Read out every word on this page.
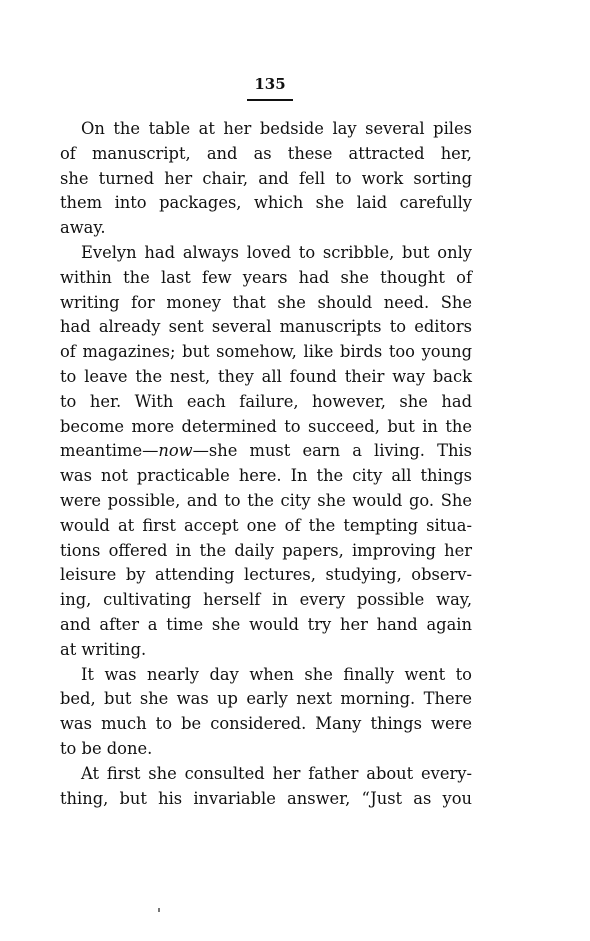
135
On the table at her bedside lay several piles
of manuscript, and as these attracted her,
she turned her chair, and fell to work sorting
them into packages, which she laid carefully
away.
Evelyn had always loved to scribble, but only
within the last few years had she thought of
writing for money that she should need. She
had already sent several manuscripts to editors
of magazines; but somehow, like birds too young
to leave the nest, they all found their way back
to her. With each failure, however, she had
become more determined to succeed, but in the
meantime—now—she must earn a living. This
was not practicable here. In the city all things
were possible, and to the city she would go. She
would at first accept one of the tempting situa-
tions offered in the daily papers, improving her
leisure by attending lectures, studying, observ-
ing, cultivating herself in every possible way,
and after a time she would try her hand again
at writing.
It was nearly day when she finally went to
bed, but she was up early next morning. There
was much to be considered. Many things were
to be done.
At first she consulted her father about every-
thing, but his invariable answer, “Just as you
